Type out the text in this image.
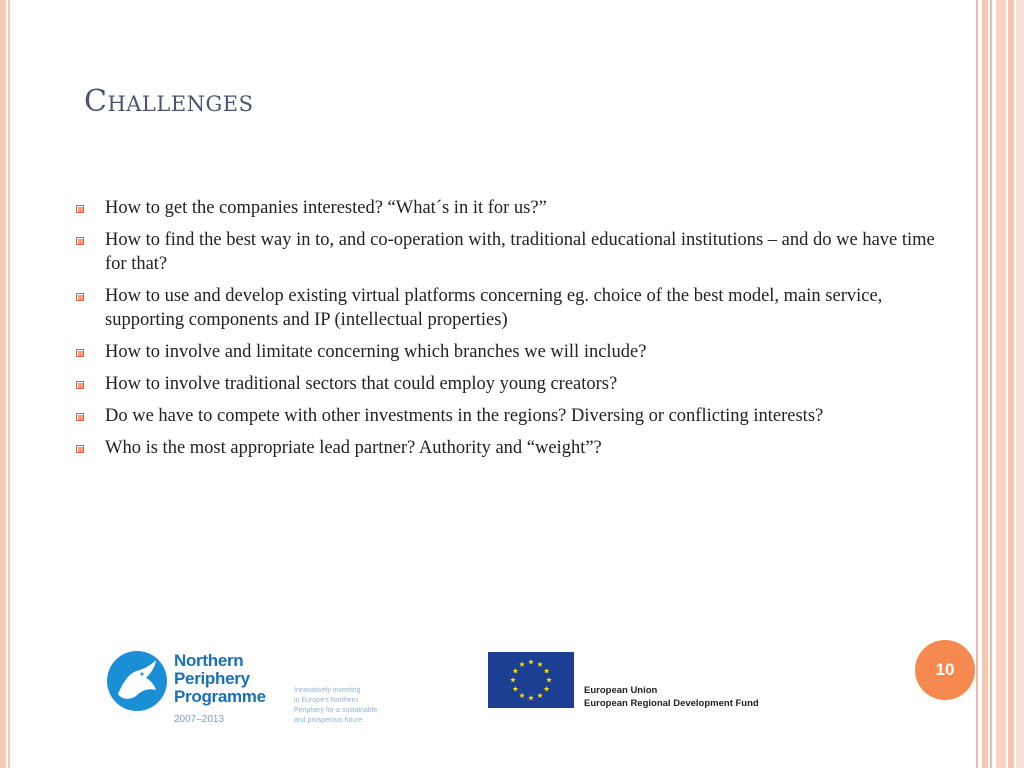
Challenges
How to get the companies interested? “What´s in it for us?”
How to find the best way in to, and co-operation with, traditional educational institutions – and do we have time for that?
How to use and develop existing virtual platforms concerning eg. choice of the best model, main service, supporting components and IP (intellectual properties)
How to involve and limitate concerning which branches we will include?
How to involve traditional sectors that could employ young creators?
Do we have to compete with other investments in the regions? Diversing or conflicting interests?
Who is the most appropriate lead partner? Authority and “weight”?
Northern
Periphery
Programme
2007–2013
Innovatively investing
in Europe's Northern
Periphery for a sustainable
and prosperous future
European Union
European Regional Development Fund
10
